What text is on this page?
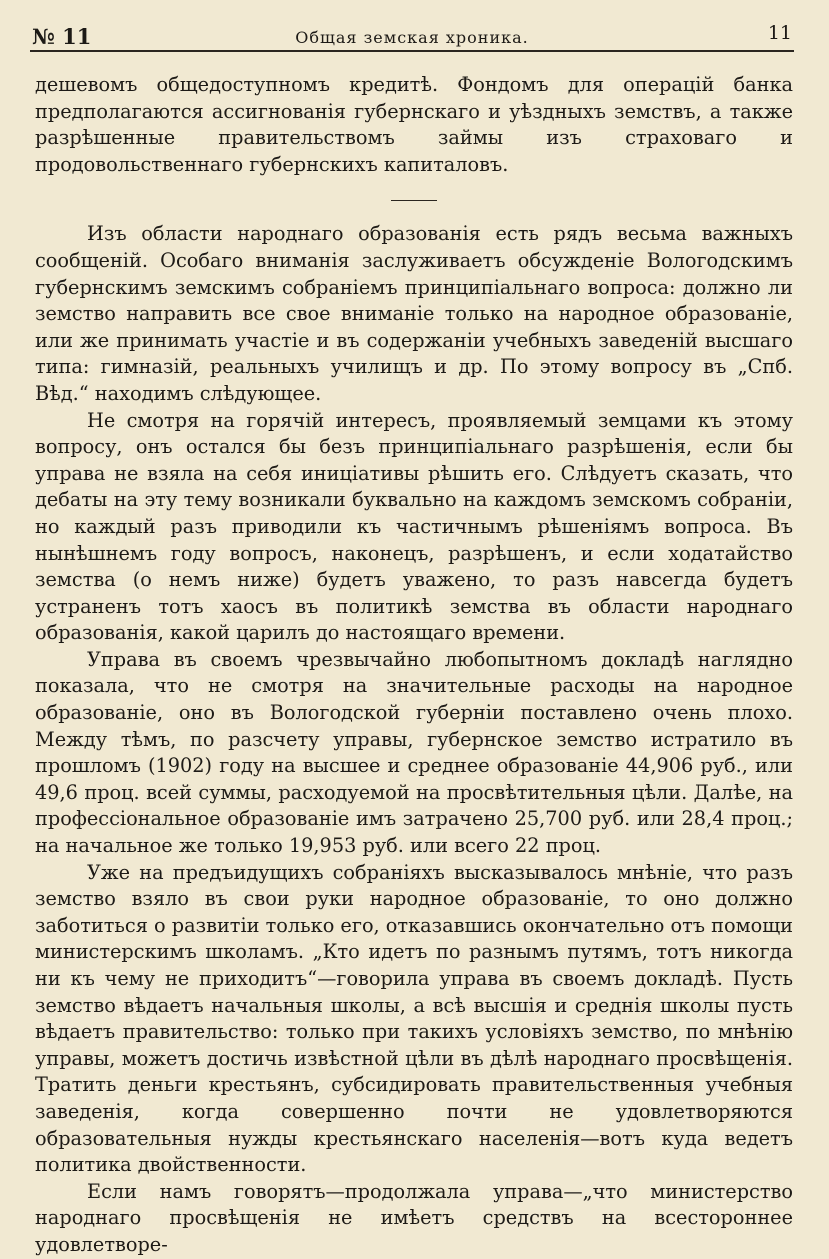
№ 11	Общая земская хроника.	11

дешевомъ общедоступномъ кредитѣ. Фондомъ для операцій банка предполагаются ассигнованія губернскаго и уѣздныхъ земствъ, а также разрѣшенные правительствомъ займы изъ страховаго и продовольственнаго губернскихъ капиталовъ.

Изъ области народнаго образованія есть рядъ весьма важныхъ сообщеній. Особаго вниманія заслуживаетъ обсужденіе Вологодскимъ губернскимъ земскимъ собраніемъ принципіальнаго вопроса: должно ли земство направить все свое вниманіе только на народное образованіе, или же принимать участіе и въ содержаніи учебныхъ заведеній высшаго типа: гимназій, реальныхъ училищъ и др. По этому вопросу въ „Спб. Вѣд.“ находимъ слѣдующее.

Не смотря на горячій интересъ, проявляемый земцами къ этому вопросу, онъ остался бы безъ принципіальнаго разрѣшенія, если бы управа не взяла на себя иниціативы рѣшить его. Слѣдуетъ сказать, что дебаты на эту тему возникали буквально на каждомъ земскомъ собраніи, но каждый разъ приводили къ частичнымъ рѣшеніямъ вопроса. Въ нынѣшнемъ году вопросъ, наконецъ, разрѣшенъ, и если ходатайство земства (о немъ ниже) будетъ уважено, то разъ навсегда будетъ устраненъ тотъ хаосъ въ политикѣ земства въ области народнаго образованія, какой царилъ до настоящаго времени.

Управа въ своемъ чрезвычайно любопытномъ докладѣ наглядно показала, что не смотря на значительные расходы на народное образованіе, оно въ Вологодской губерніи поставлено очень плохо. Между тѣмъ, по разсчету управы, губернское земство истратило въ прошломъ (1902) году на высшее и среднее образованіе 44,906 руб., или 49,6 проц. всей суммы, расходуемой на просвѣтительныя цѣли. Далѣе, на профессіональное образованіе имъ затрачено 25,700 руб. или 28,4 проц.; на начальное же только 19,953 руб. или всего 22 проц.

Уже на предъидущихъ собраніяхъ высказывалось мнѣніе, что разъ земство взяло въ свои руки народное образованіе, то оно должно заботиться о развитіи только его, отказавшись окончательно отъ помощи министерскимъ школамъ. „Кто идетъ по разнымъ путямъ, тотъ никогда ни къ чему не приходитъ“—говорила управа въ своемъ докладѣ. Пусть земство вѣдаетъ начальныя школы, а всѣ высшія и среднія школы пусть вѣдаетъ правительство: только при такихъ условіяхъ земство, по мнѣнію управы, можетъ достичь извѣстной цѣли въ дѣлѣ народнаго просвѣщенія. Тратить деньги крестьянъ, субсидировать правительственныя учебныя заведенія, когда совершенно почти не удовлетворяются образовательныя нужды крестьянскаго населенія—вотъ куда ведетъ политика двойственности.

Если намъ говорятъ—продолжала управа—„что министерство народнаго просвѣщенія не имѣетъ средствъ на всестороннее удовлетворе-
